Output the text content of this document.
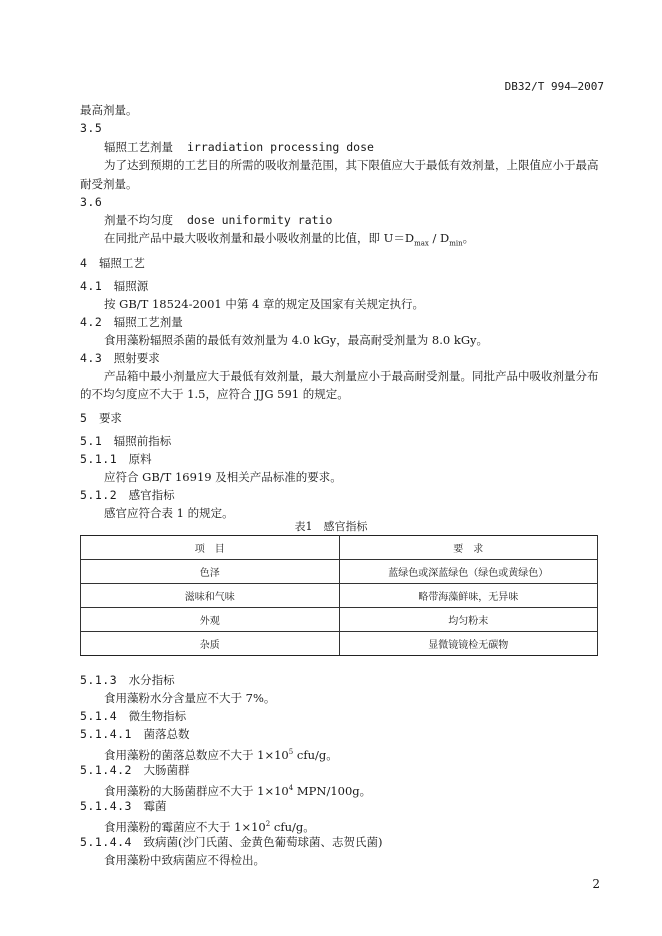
DB32/T 994—2007
最高剂量。
3.5
辐照工艺剂量 irradiation processing dose
为了达到预期的工艺目的所需的吸收剂量范围，其下限值应大于最低有效剂量，上限值应小于最高
耐受剂量。
3.6
剂量不均匀度 dose uniformity ratio
在同批产品中最大吸收剂量和最小吸收剂量的比值，即 $U=D_{max} / D_{min}$。
4　 辐照工艺
4.1　 辐照源
按 GB/T 18524-2001 中第 4 章的规定及国家有关规定执行。
4.2　 辐照工艺剂量
食用藻粉辐照杀菌的最低有效剂量为 4.0 kGy，最高耐受剂量为 8.0 kGy。
4.3　 照射要求
产品箱中最小剂量应大于最低有效剂量，最大剂量应小于最高耐受剂量。同批产品中吸收剂量分布
的不均匀度应不大于 1.5，应符合 JJG 591 的规定。
5　 要求
5.1　 辐照前指标
5.1.1　 原料
应符合 GB/T 16919 及相关产品标准的要求。
5.1.2　 感官指标
感官应符合表 1 的规定。
表1　感官指标
项　目	要　求
色泽	蓝绿色或深蓝绿色（绿色或黄绿色）
滋味和气味	略带海藻鲜味，无异味
外观	均匀粉末
杂质	显微镜镜检无碳物
5.1.3　 水分指标
食用藻粉水分含量应不大于 7%。
5.1.4　 微生物指标
5.1.4.1　 菌落总数
食用藻粉的菌落总数应不大于 $1\times 10^5$ cfu/g。
5.1.4.2　 大肠菌群
食用藻粉的大肠菌群应不大于 $1\times 10^4$ MPN/100g。
5.1.4.3　 霉菌
食用藻粉的霉菌应不大于 $1\times 10^2$ cfu/g。
5.1.4.4　 致病菌(沙门氏菌、金黄色葡萄球菌、志贺氏菌)
食用藻粉中致病菌应不得检出。
2
